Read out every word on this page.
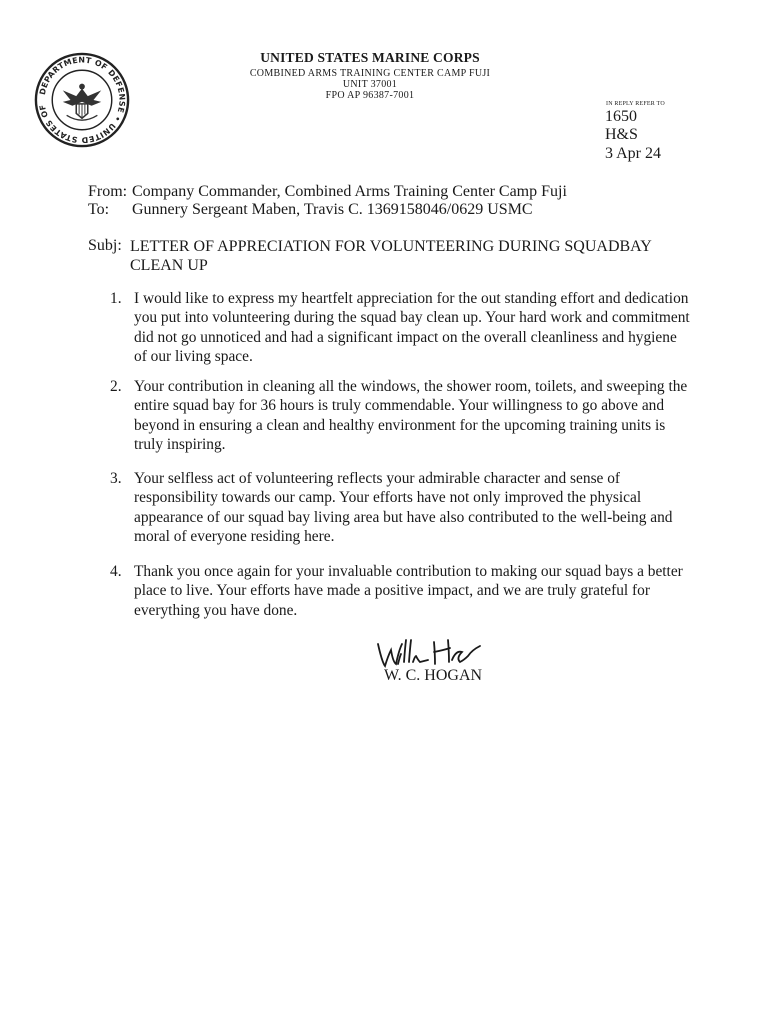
DEPARTMENT OF DEFENSE • UNITED STATES OF
UNITED STATES MARINE CORPS
COMBINED ARMS TRAINING CENTER CAMP FUJI
UNIT 37001
FPO AP 96387-7001
IN REPLY REFER TO
1650
H&S
3 Apr 24
From: Company Commander, Combined Arms Training Center Camp Fuji
To: Gunnery Sergeant Maben, Travis C. 1369158046/0629 USMC
Subj: LETTER OF APPRECIATION FOR VOLUNTEERING DURING SQUADBAY
CLEAN UP
1. I would like to express my heartfelt appreciation for the out standing effort and dedication you put into volunteering during the squad bay clean up. Your hard work and commitment did not go unnoticed and had a significant impact on the overall cleanliness and hygiene of our living space.
2. Your contribution in cleaning all the windows, the shower room, toilets, and sweeping the entire squad bay for 36 hours is truly commendable. Your willingness to go above and beyond in ensuring a clean and healthy environment for the upcoming training units is truly inspiring.
3. Your selfless act of volunteering reflects your admirable character and sense of responsibility towards our camp. Your efforts have not only improved the physical appearance of our squad bay living area but have also contributed to the well-being and moral of everyone residing here.
4. Thank you once again for your invaluable contribution to making our squad bays a better place to live. Your efforts have made a positive impact, and we are truly grateful for everything you have done.
W. C. HOGAN
